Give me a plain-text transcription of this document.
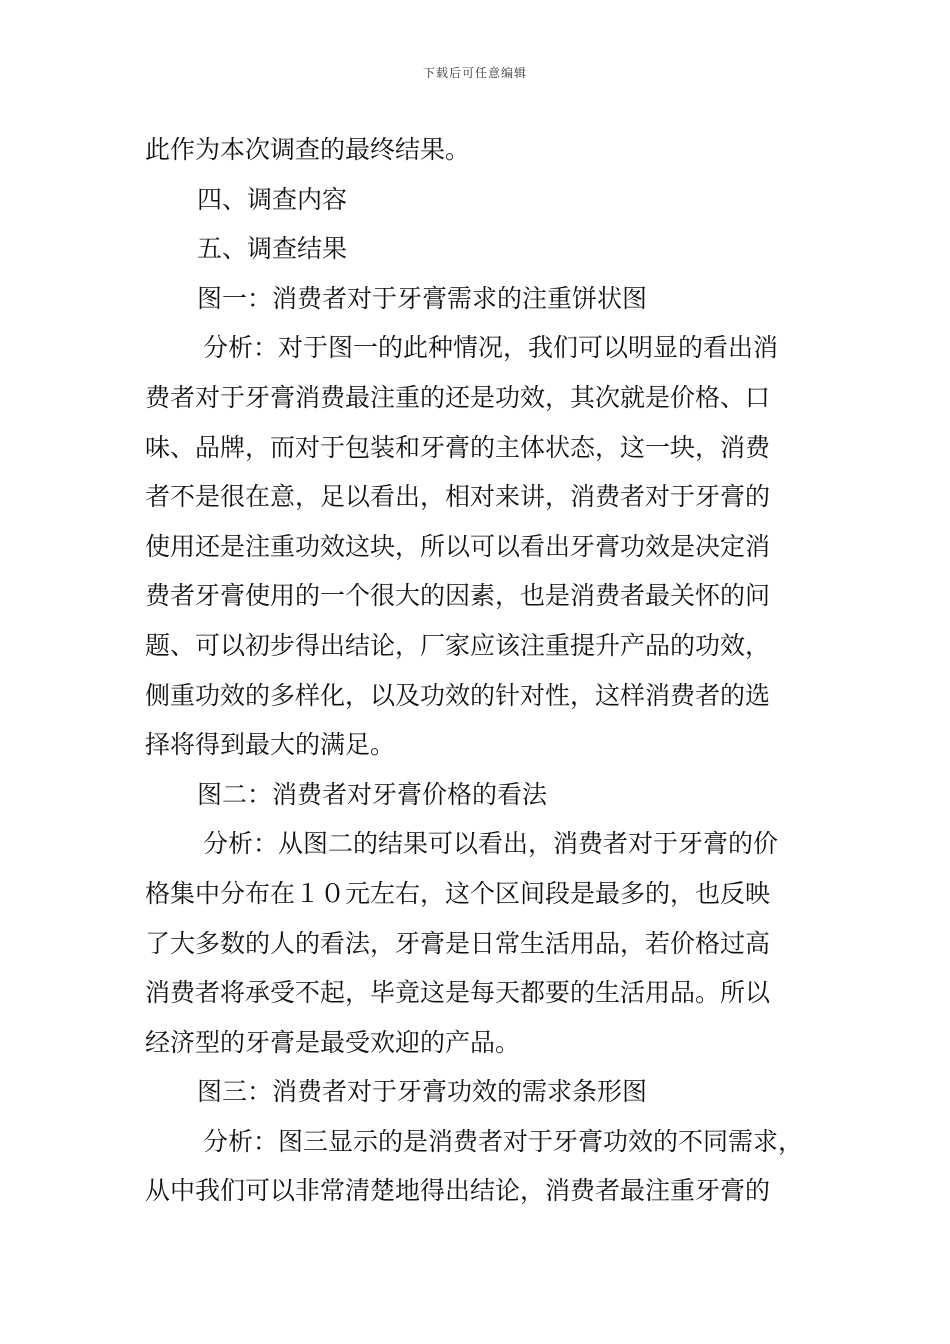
下载后可任意编辑
此作为本次调查的最终结果。
四、调查内容
五、调查结果
图一：消费者对于牙膏需求的注重饼状图
分析：对于图一的此种情况，我们可以明显的看出消
费者对于牙膏消费最注重的还是功效，其次就是价格、口
味、品牌，而对于包装和牙膏的主体状态，这一块，消费
者不是很在意，足以看出，相对来讲，消费者对于牙膏的
使用还是注重功效这块，所以可以看出牙膏功效是决定消
费者牙膏使用的一个很大的因素，也是消费者最关怀的问
题、可以初步得出结论，厂家应该注重提升产品的功效，
侧重功效的多样化，以及功效的针对性，这样消费者的选
择将得到最大的满足。
图二：消费者对牙膏价格的看法
分析：从图二的结果可以看出，消费者对于牙膏的价
格集中分布在１０元左右，这个区间段是最多的，也反映
了大多数的人的看法，牙膏是日常生活用品，若价格过高
消费者将承受不起，毕竟这是每天都要的生活用品。所以
经济型的牙膏是最受欢迎的产品。
图三：消费者对于牙膏功效的需求条形图
分析：图三显示的是消费者对于牙膏功效的不同需求，
从中我们可以非常清楚地得出结论，消费者最注重牙膏的
